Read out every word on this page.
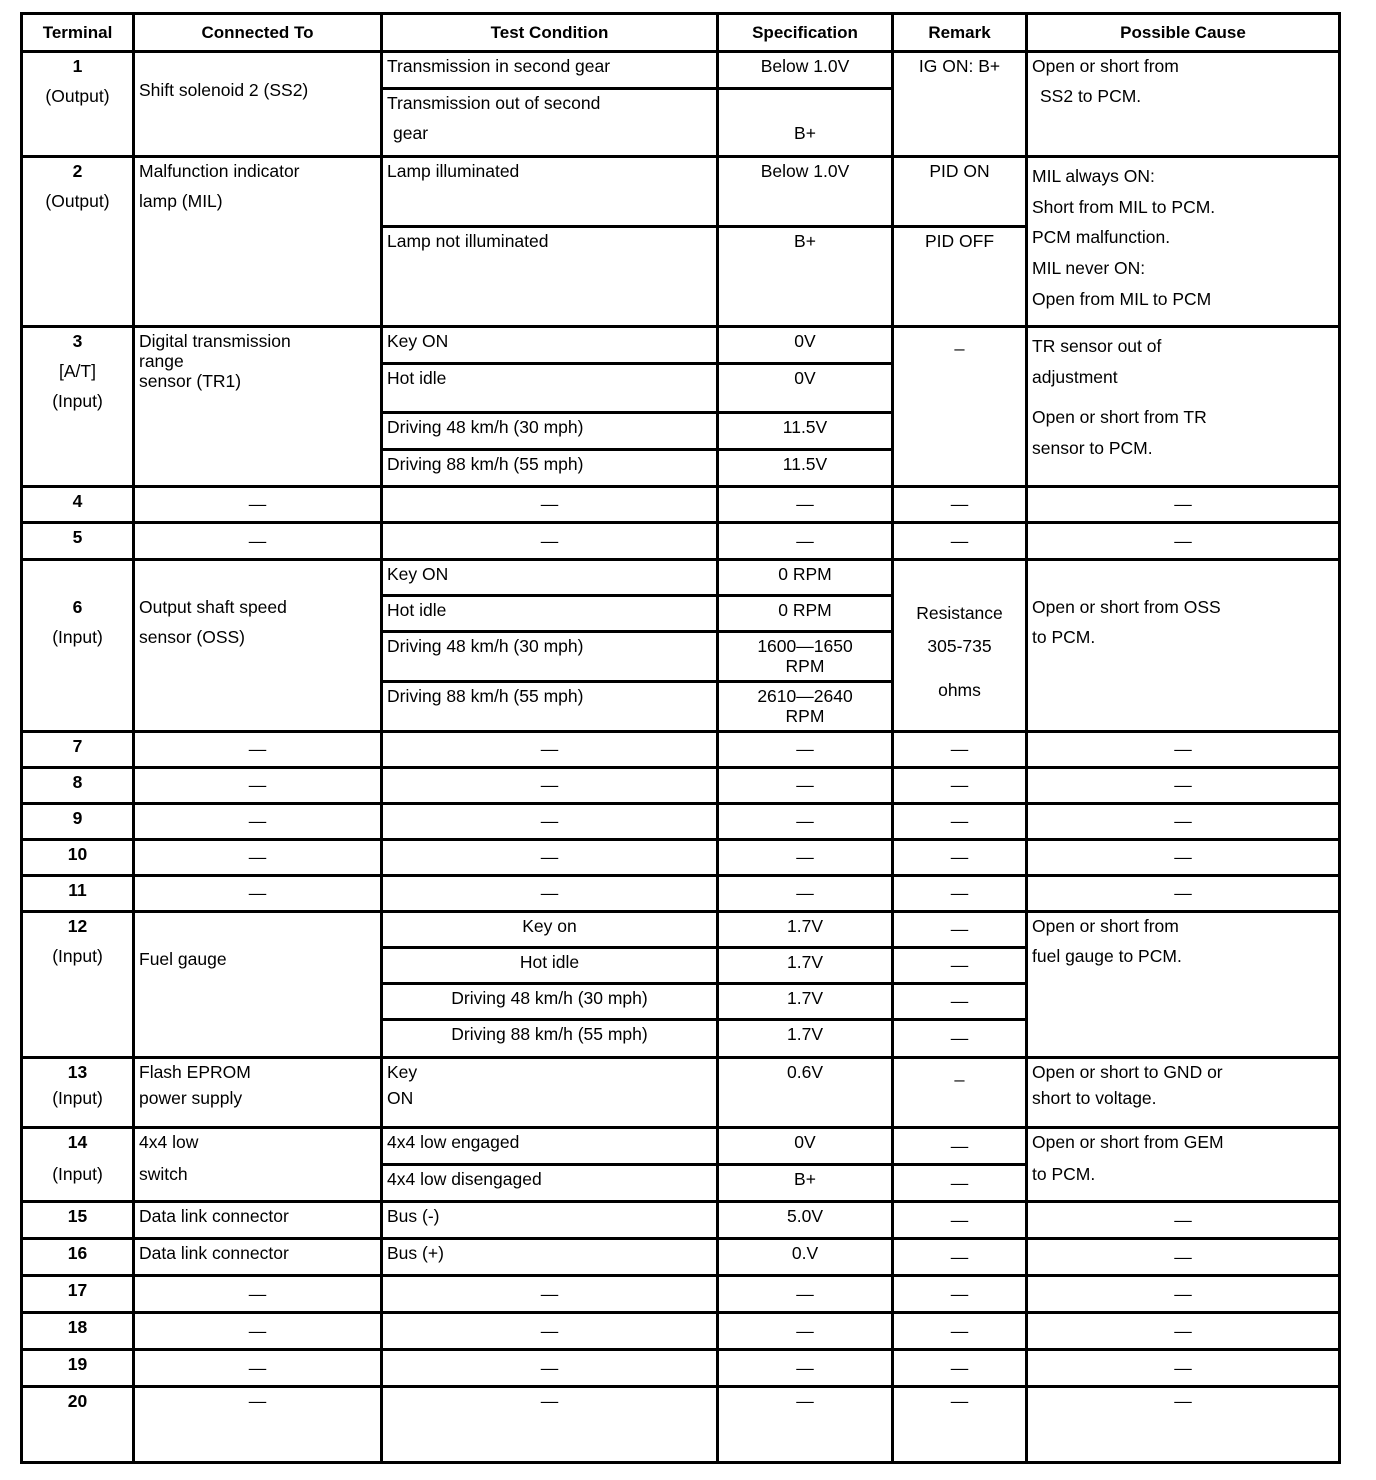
Terminal	Connected To	Test Condition	Specification	Remark	Possible Cause

1
(Output)	Shift solenoid 2 (SS2)	Transmission in second gear	Below 1.0V	IG ON: B+	Open or short from
SS2 to PCM.

		Transmission out of second
gear	B+		

2
(Output)	Malfunction indicator
lamp (MIL)	Lamp illuminated	Below 1.0V	PID ON	MIL always ON:
Short from MIL to PCM.
PCM malfunction.
MIL never ON:
Open from MIL to PCM

		Lamp not illuminated	B+	PID OFF	

3
[A/T]
(Input)	Digital transmission
range
sensor (TR1)	Key ON	0V	_	TR sensor out of
adjustment
Open or short from TR
sensor to PCM.

		Hot idle	0V		
		Driving 48 km/h (30 mph)	11.5V		
		Driving 88 km/h (55 mph)	11.5V		
4	—	—	—	—	—
5	—	—	—	—	—

6
(Input)	Output shaft speed
sensor (OSS)	Key ON	0 RPM	Resistance
305-735
ohms	Open or short from OSS
to PCM.

		Hot idle	0 RPM		
		Driving 48 km/h (30 mph)	1600—1650
RPM		

		Driving 88 km/h (55 mph)	2610—2640
RPM		

7	—	—	—	—	—
8	—	—	—	—	—
9	—	—	—	—	—
10	—	—	—	—	—
11	—	—	—	—	—

12
(Input)	Fuel gauge	Key on	1.7V	—	Open or short from
fuel gauge to PCM.

		Hot idle	1.7V	—	
		Driving 48 km/h (30 mph)	1.7V	—	
		Driving 88 km/h (55 mph)	1.7V	—	

13
(Input)	Flash EPROM
power supply	Key
ON	0.6V	_	Open or short to GND or
short to voltage.

14
(Input)	4x4 low
switch	4x4 low engaged	0V	—	Open or short from GEM
to PCM.

		4x4 low disengaged	B+	—	
15	Data link connector	Bus (-)	5.0V	—	—
16	Data link connector	Bus (+)	0.V	—	—
17	—	—	—	—	—
18	—	—	—	—	—
19	—	—	—	—	—
20	—	—	—	—	—
